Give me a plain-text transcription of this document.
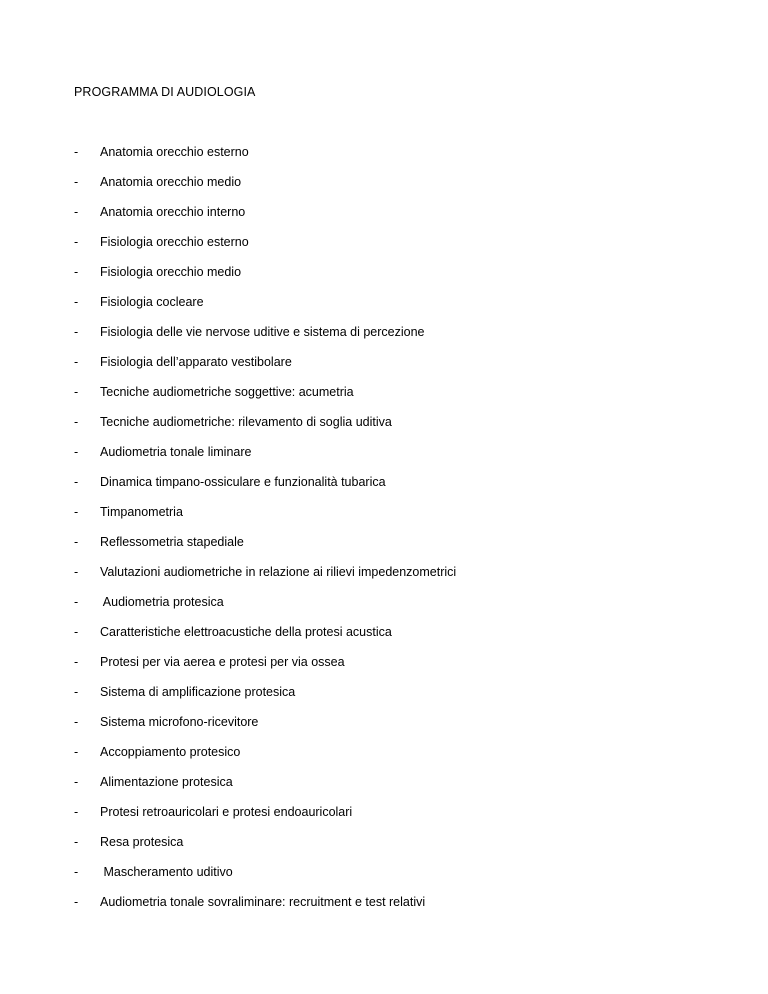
PROGRAMMA DI AUDIOLOGIA
- Anatomia orecchio esterno
- Anatomia orecchio medio
- Anatomia orecchio interno
- Fisiologia orecchio esterno
- Fisiologia orecchio medio
- Fisiologia cocleare
- Fisiologia delle vie nervose uditive e sistema di percezione
- Fisiologia dell’apparato vestibolare
- Tecniche audiometriche soggettive: acumetria
- Tecniche audiometriche: rilevamento di soglia uditiva
- Audiometria tonale liminare
- Dinamica timpano-ossiculare e funzionalità tubarica
- Timpanometria
- Reflessometria stapediale
- Valutazioni audiometriche in relazione ai rilievi impedenzometrici
- Audiometria protesica
- Caratteristiche elettroacustiche della protesi acustica
- Protesi per via aerea e protesi per via ossea
- Sistema di amplificazione protesica
- Sistema microfono-ricevitore
- Accoppiamento protesico
- Alimentazione protesica
- Protesi retroauricolari e protesi endoauricolari
- Resa protesica
- Mascheramento uditivo
- Audiometria tonale sovraliminare: recruitment e test relativi
